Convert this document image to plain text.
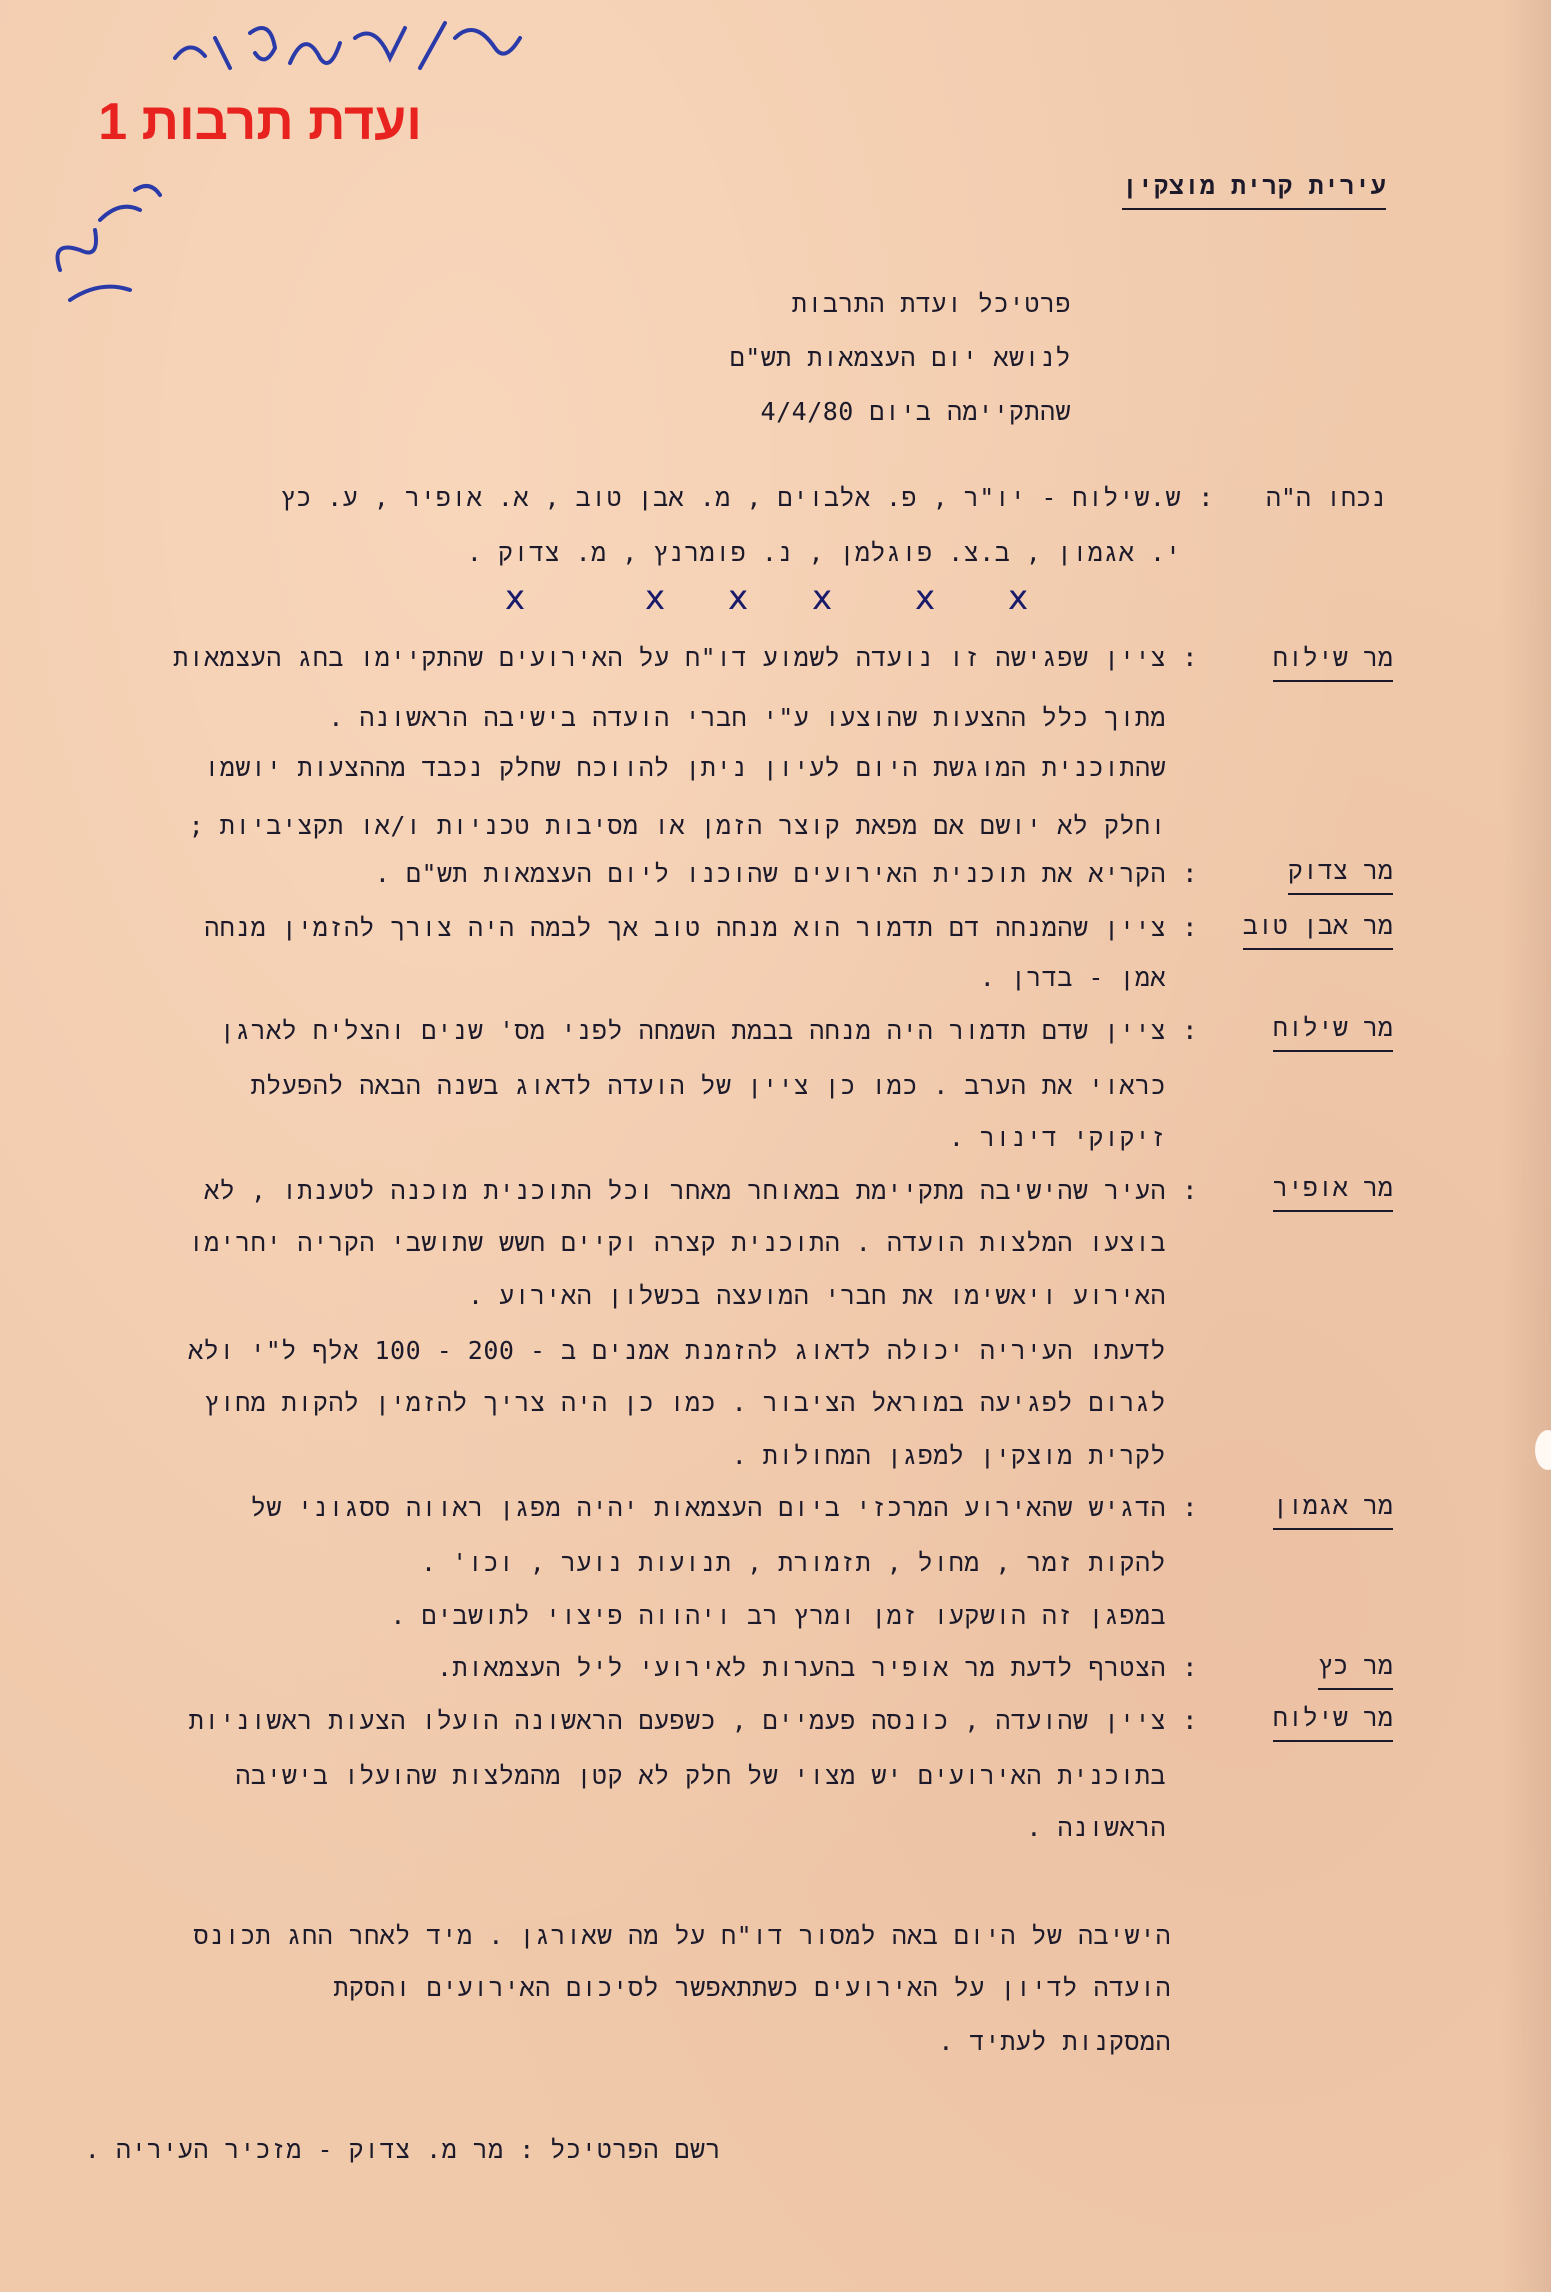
ועדת תרבות 1
עירית קרית מוצקין
פרטיכל ועדת התרבות
לנושא יום העצמאות תש"ם
שהתקיימה ביום 4/4/80
נכחו ה"ה
:
ש.שילוח - יו"ר , פ. אלבוים , מ. אבן טוב , א. אופיר , ע. כץ
י. אגמון , ב.צ. פוגלמן , נ. פומרנץ , מ. צדוק .
x	x x x x x
מר שילוח
:
ציין שפגישה זו נועדה לשמוע דו"ח על האירועים שהתקיימו בחג העצמאות
מתוך כלל ההצעות שהוצעו ע"י חברי הועדה בישיבה הראשונה .
שהתוכנית המוגשת היום לעיון ניתן להווכח שחלק נכבד מההצעות יושמו
וחלק לא יושם אם מפאת קוצר הזמן או מסיבות טכניות ו/או תקציביות ;
מר צדוק
:
הקריא את תוכנית האירועים שהוכנו ליום העצמאות תש"ם .
מר אבן טוב
:
ציין שהמנחה דם תדמור הוא מנחה טוב אך לבמה היה צורך להזמין מנחה
אמן - בדרן .
מר שילוח
:
ציין שדם תדמור היה מנחה בבמת השמחה לפני מס' שנים והצליח לארגן
כראוי את הערב . כמו כן ציין של הועדה לדאוג בשנה הבאה להפעלת
זיקוקי דינור .
מר אופיר
:
העיר שהישיבה מתקיימת במאוחר מאחר וכל התוכנית מוכנה לטענתו , לא
בוצעו המלצות הועדה . התוכנית קצרה וקיים חשש שתושבי הקריה יחרימו
האירוע ויאשימו את חברי המועצה בכשלון האירוע .
לדעתו העיריה יכולה לדאוג להזמנת אמנים ב - 200 - 100 אלף ל"י ולא
לגרום לפגיעה במוראל הציבור . כמו כן היה צריך להזמין להקות מחוץ
לקרית מוצקין למפגן המחולות .
מר אגמון
:
הדגיש שהאירוע המרכזי ביום העצמאות יהיה מפגן ראווה ססגוני של
להקות זמר , מחול , תזמורת , תנועות נוער , וכו' .
במפגן זה הושקעו זמן ומרץ רב ויהווה פיצוי לתושבים .
מר כץ
:
הצטרף לדעת מר אופיר בהערות לאירועי ליל העצמאות.
מר שילוח
:
ציין שהועדה , כונסה פעמיים , כשפעם הראשונה הועלו הצעות ראשוניות
בתוכנית האירועים יש מצוי של חלק לא קטן מהמלצות שהועלו בישיבה
הראשונה .
הישיבה של היום באה למסור דו"ח על מה שאורגן . מיד לאחר החג תכונס
הועדה לדיון על האירועים כשתתאפשר לסיכום האירועים והסקת
המסקנות לעתיד .
רשם הפרטיכל : מר מ. צדוק - מזכיר העיריה .
